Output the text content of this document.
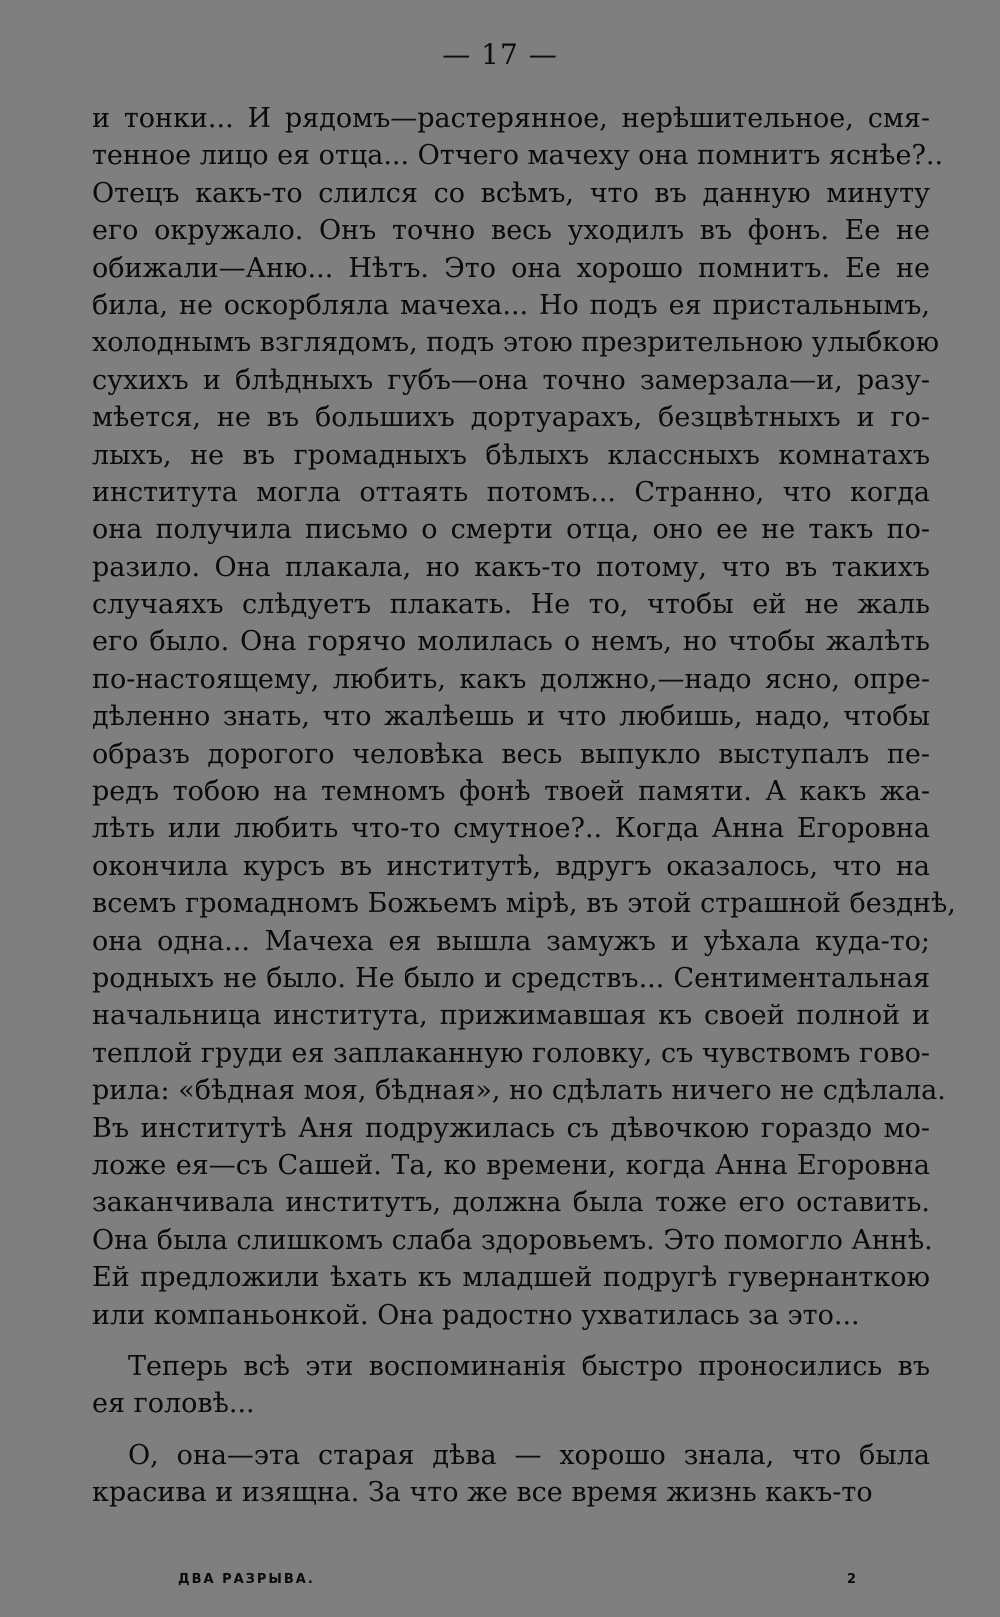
— 17 —
и тонки... И рядомъ—растерянное, нерѣшительное, смя-
тенное лицо ея отца... Отчего мачеху она помнитъ яснѣе?..
Отецъ какъ-то слился со всѣмъ, что въ данную минуту
его окружало. Онъ точно весь уходилъ въ фонъ. Ее не
обижали—Аню... Нѣтъ. Это она хорошо помнитъ. Ее не
била, не оскорбляла мачеха... Но подъ ея пристальнымъ,
холоднымъ взглядомъ, подъ этою презрительною улыбкою
сухихъ и блѣдныхъ губъ—она точно замерзала—и, разу-
мѣется, не въ большихъ дортуарахъ, безцвѣтныхъ и го-
лыхъ, не въ громадныхъ бѣлыхъ классныхъ комнатахъ
института могла оттаять потомъ... Странно, что когда
она получила письмо о смерти отца, оно ее не такъ по-
разило. Она плакала, но какъ-то потому, что въ такихъ
случаяхъ слѣдуетъ плакать. Не то, чтобы ей не жаль
его было. Она горячо молилась о немъ, но чтобы жалѣть
по-настоящему, любить, какъ должно,—надо ясно, опре-
дѣленно знать, что жалѣешь и что любишь, надо, чтобы
образъ дорогого человѣка весь выпукло выступалъ пе-
редъ тобою на темномъ фонѣ твоей памяти. А какъ жа-
лѣть или любить что-то смутное?.. Когда Анна Егоровна
окончила курсъ въ институтѣ, вдругъ оказалось, что на
всемъ громадномъ Божьемъ мірѣ, въ этой страшной безднѣ,
она одна... Мачеха ея вышла замужъ и уѣхала куда-то;
родныхъ не было. Не было и средствъ... Сентиментальная
начальница института, прижимавшая къ своей полной и
теплой груди ея заплаканную головку, съ чувствомъ гово-
рила: «бѣдная моя, бѣдная», но сдѣлать ничего не сдѣлала.
Въ институтѣ Аня подружилась съ дѣвочкою гораздо мо-
ложе ея—съ Сашей. Та, ко времени, когда Анна Егоровна
заканчивала институтъ, должна была тоже его оставить.
Она была слишкомъ слаба здоровьемъ. Это помогло Аннѣ.
Ей предложили ѣхать къ младшей подругѣ гувернанткою
или компаньонкой. Она радостно ухватилась за это...
Теперь всѣ эти воспоминанія быстро проносились въ
ея головѣ...
О, она—эта старая дѣва — хорошо знала, что была
красива и изящна. За что же все время жизнь какъ-то
ДВА РАЗРЫВА.	2
